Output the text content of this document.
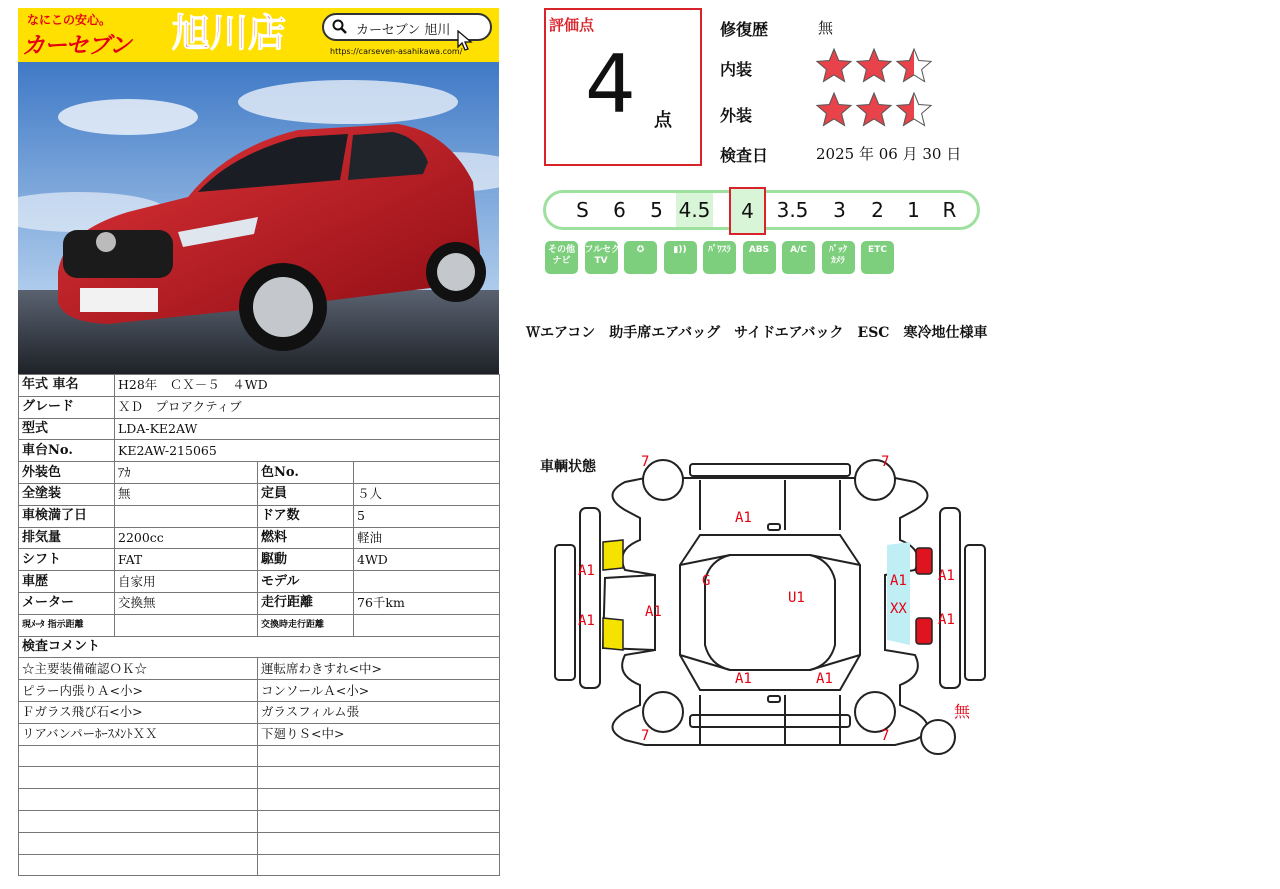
なにこの安心。
カーセブン 旭川店	カーセブン 旭川
https://carseven-asahikawa.com/
年式 車名	H28年　ＣＸ－５　４WD		
グレード	ＸＤ　プロアクティブ		
型式	LDA-KE2AW		
車台No.	KE2AW-215065		
外装色	ｱｶ	色No.	
全塗装	無	定員	５人
車検満了日		ドア数	5
排気量	2200cc	燃料	軽油
シフト	FAT	駆動	4WD
車歴	自家用	モデル	
メーター	交換無	走行距離	76千km
現ﾒｰﾀ 指示距離		交換時走行距離	
検査コメント			
☆主要装備確認ＯＫ☆		運転席わきすれ<中>	
ピラー内張りＡ<小>		コンソールＡ<小>	
Ｆガラス飛び石<小>		ガラスフィルム張	
リアバンパーﾎｰｽﾒﾝﾄＸＸ		下廻りＳ<中>	

評価点
4 点
修復歴	無
内装
外装
検査日	2025 年 06 月 30 日
S	6	5 4.5	4	3.5	3	2	1	R
その他
ナビ
フルセグ
TV
✪	▮))	ﾊﾟﾜｽﾗ	ABS	A/C	ﾊﾞｯｸ
ｶﾒﾗ
ETC
Ｗエアコン　助手席エアバッグ　サイドエアバック　ESC　寒冷地仕様車
車輌状態	7	7
7	7
A1
A1	A1
A1
A1
A1
G
U1
A1
XX
A1
A1
無
